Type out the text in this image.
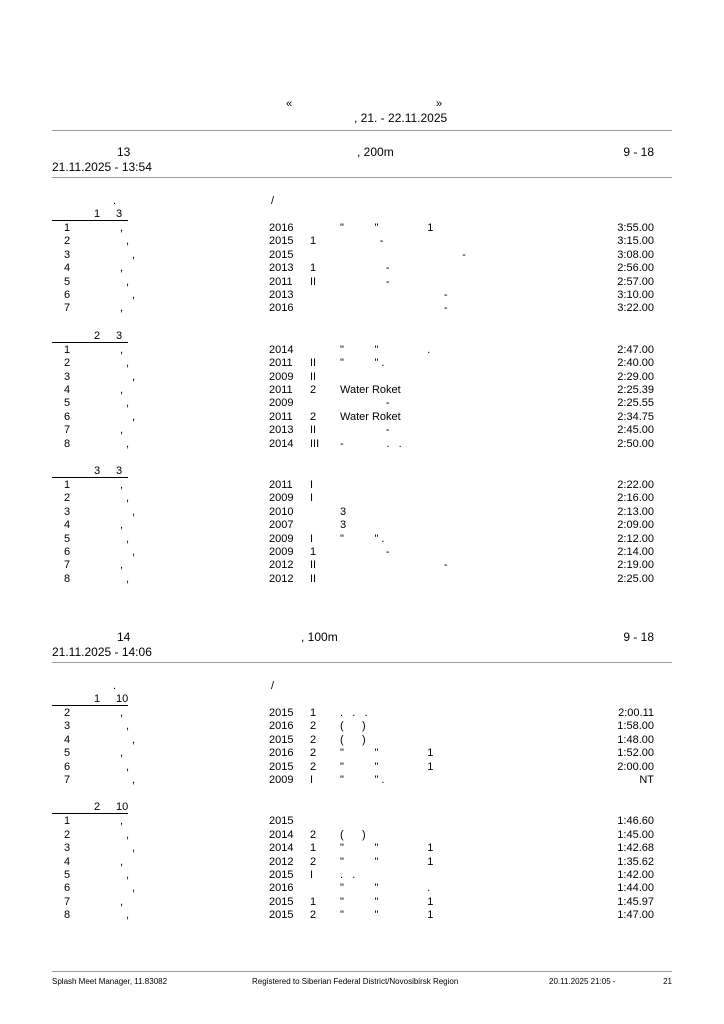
«	»
, 21. - 22.11.2025
13	, 200m	9 - 18
21.11.2025 - 13:54
.	/
1 3
1	,	2016	"          "                1	3:55.00
2	,	2015 1 -	3:15.00
3	,	2015	-	3:08.00
4	,	2013 1 -	2:56.00
5	,	2011 II -	2:57.00
6	,	2013	-	3:10.00
7	,	2016	-	3:22.00
2 3
1	,	2014	"          "                .	2:47.00
2	,	2011 II "          " .	2:40.00
3	,	2009 II	2:29.00
4	,	2011 2 Water Roket	2:25.39
5	,	2009	-	2:25.55
6	,	2011 2 Water Roket	2:34.75
7	,	2013 II -	2:45.00
8	,	2014 III -              .   .	2:50.00
3 3
1	,	2011 I	2:22.00
2	,	2009 I	2:16.00
3	,	2010	3	2:13.00
4	,	2007	3	2:09.00
5	,	2009 I "          " .	2:12.00
6	,	2009 1 -	2:14.00
7	,	2012 II -	2:19.00
8	,	2012 II	2:25.00
14	, 100m	9 - 18
21.11.2025 - 14:06
.	/
1 10
2	,	2015 1 .   .   .	2:00.11
3	,	2016 2 (      )	1:58.00
4	,	2015 2 (      )	1:48.00
5	,	2016 2 "          "                1	1:52.00
6	,	2015 2 "          "                1	2:00.00
7	,	2009 I "          " .	NT
2 10
1	,	2015	1:46.60
2	,	2014 2 (      )	1:45.00
3	,	2014 1 "          "                1	1:42.68
4	,	2012 2 "          "                1	1:35.62
5	,	2015 I .   .	1:42.00
6	,	2016	"          "                .	1:44.00
7	,	2015 1 "          "                1	1:45.97
8	,	2015 2 "          "                1	1:47.00
Splash Meet Manager, 11.83082	Registered to Siberian Federal District/Novosibirsk Region	20.11.2025 21:05 -	21
